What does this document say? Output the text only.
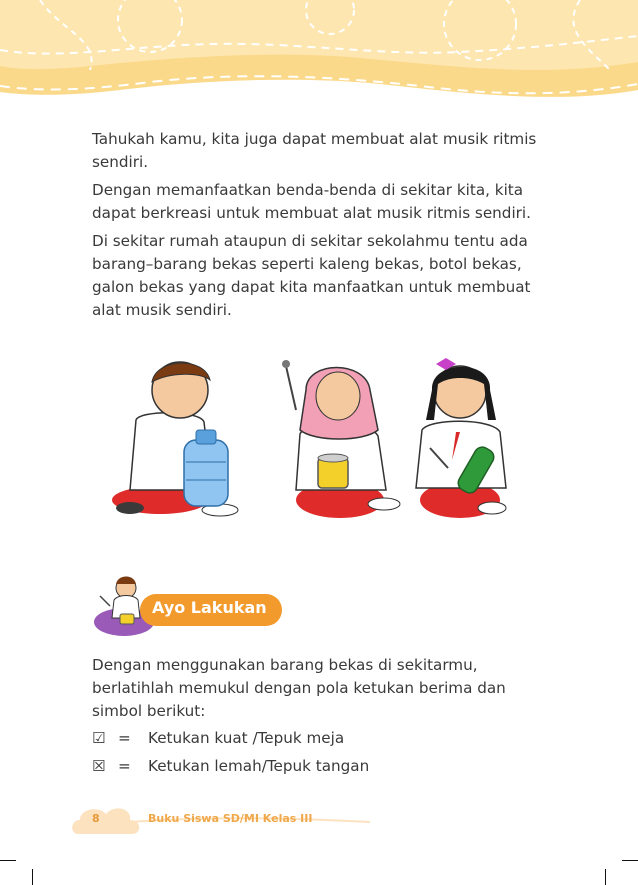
Tahukah kamu, kita juga dapat membuat alat musik ritmis sendiri.

Dengan memanfaatkan benda-benda di sekitar kita, kita dapat berkreasi untuk membuat alat musik ritmis sendiri.

Di sekitar rumah ataupun di sekitar sekolahmu tentu ada barang–barang bekas seperti kaleng bekas, botol bekas, galon bekas yang dapat kita manfaatkan untuk membuat alat musik sendiri.

Ayo Lakukan

Dengan menggunakan barang bekas di sekitarmu, berlatihlah memukul dengan pola ketukan berima dan simbol berikut:

☑ = Ketukan kuat /Tepuk meja
☒ = Ketukan lemah/Tepuk tangan
8	Buku Siswa SD/MI Kelas III
